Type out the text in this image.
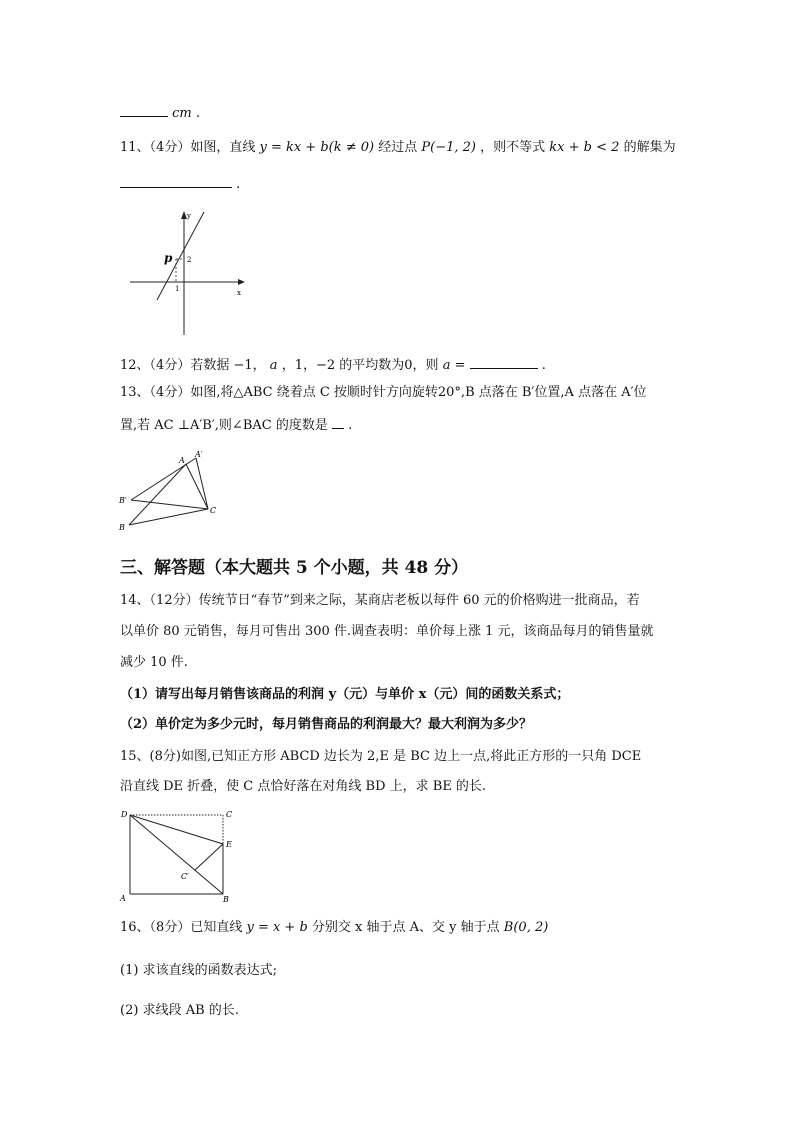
cm .
11、（4分）如图，直线 y = kx + b(k ≠ 0) 经过点 P(−1, 2) ，则不等式 kx + b < 2 的解集为
.
y
x
p 2
1
12、（4分）若数据 −1， a ，1，−2 的平均数为0，则 a =	.
13、（4分）如图,将△ABC 绕着点 C 按顺时针方向旋转20°,B 点落在 B′位置,A 点落在 A′位
置,若 AC ⊥A′B′,则∠BAC 的度数是 .
A
A′
B′
B
C
三、解答题（本大题共 5 个小题，共 48 分）
14、（12分）传统节日“春节”到来之际，某商店老板以每件 60 元的价格购进一批商品，若
以单价 80 元销售，每月可售出 300 件.调查表明：单价每上涨 1 元，该商品每月的销售量就
减少 10 件.
（1）请写出每月销售该商品的利润 y（元）与单价 x（元）间的函数关系式；
（2）单价定为多少元时，每月销售商品的利润最大？最大利润为多少？
15、(8分)如图,已知正方形 ABCD 边长为 2,E 是 BC 边上一点,将此正方形的一只角 DCE
沿直线 DE 折叠，使 C 点恰好落在对角线 BD 上，求 BE 的长.
D	C
E
C′
A	B
16、（8分）已知直线 y = x + b 分别交 x 轴于点 A、交 y 轴于点 B(0, 2)
(1) 求该直线的函数表达式;
(2) 求线段 AB 的长.
